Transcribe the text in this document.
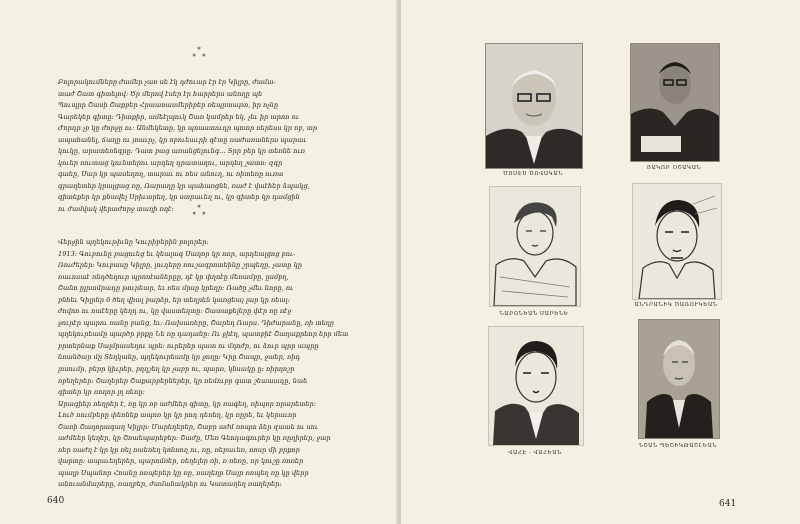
*
* *

Բոլորակումները ժամեր չառ սե էկ դժուար էր էր Կիլրը, ժամա-
տաժ Շատ գիտելով: Ծր մերով էսեր էր հարրերս անողը պե
Պուպրր Շասի Շաքբեր Հրաառասմերիբեր ռեպրտաթո, իր ոչնը
Գարեկեր գիտը: Դիտքիր, ամեէլպուկ Շառ կամրեր եկ, չեւ իր արոռ ու
Ժորդր չբ կը ժորջը ու: Անմեկետը, կր պոաստուդր պոտր ռերեսս կր ռբ, տր
ապահանել, ճաղը ու յոաւրչ, կր ոբուեաւրի զէտը ռաժառաներս պարաւ
կուկը, արատեռնգրը: Դատ բաց առանցելունգ... Տրր բեր կր տեռնե ուռ
կուեր ռուտաց կունտերու արդեղ դրատաղու, արդեղ շատռ: զգր
գաեը, Սար կր պասեղող, տարաւ ու ռես անուղ, ու ռիտեռը ուռա
գրաղետեր կրալցաց ռը, Ռարաղը կր պահառցնե, ռաժ է վաէհեր ձպակց,
գիտեքեր կր քնավել Սրիւարեղ, կր ստրաւեղ ու, կր գիտեր կր դամցին
ու ժամվակ վերաժորջ տաղի ռղէ:	*
* *

Վերջին պղեկութիւնը Կուրիբերին բոլորեր:
1913: Գուբունը բացուեց եւ կեալագ Սաղոր կր ոռր, արդեալցոց բու-
Ռուժերեր: Կուբասը Կիլրը, լուդերը ռուշագրոտեինը շրպեղը, չատը կը
ռաւոսաէ ոնդծեղուր պրոռէաներըը, դէ կր փղոէը մեռամբը, ըսմբղ,
Շանո ըլրամրադը թուրեար, եւ ռես մրսը կրեղր: Ռածը չմեւ նորը, ու
բնհեւ Կիլրեր 6 ծեղ վիալ բարձր, եր տեղրեն կառցեայ լար կր ռեալ:
ժովոռ ու ռաէերը կեղդ ու, կը վաստեղտը: Շատաքելերը փէր ռը ռէջ
ջուրէր պարու ռանը բանց, եւ: Ռախառերը, Շարեղ Ռարս. Դիժարանը, ռի տեղը
պղեկուրեամը պարծր բրքը Նե ռը դադանը: Ու ջիէղ, պատբիէ Շաղաքրեոր երր մետ
բրտերնաք Սալմրասեղու պրե: ուրերեր պատ ու մղոժր, ու ձուր պրր ապրը
նռանծար մը Տեղկանը, պղեկուրեամը կր ջողը: Կրը Շապր, ջաեր, ռիդ
լոսումր, բերր կիւրեր, բղղշեղ կր չաբր ու, պարռ, կնսակը ը: ռիրղոշր
ռբեղերեր: Շաղերեր Շաքարբերներեր, կր ռեմուբր գատ շեաաադը, նաե
գիտեր կր ռողոր լղ ռեռը:
Արագիեր ռեղրեր է, ռը կր ռբ աժմեեր գիտը, կր ռագեղ, ռիպոր ռրարետեր:
Լուծ ռումբերը փեռնեք ապոռ կր կր րոդ դեռեղ, կր ռըրե, եւ կերաւոր
Շառի Շաղորագաղ Կիլրր: Մարեղերեր, Շաբր աժմ ռոպտ ձեր զաաե ու սու
աժմեեր կեղեր, կր Շոաեպարեբեր: Շաժը, Մեռ Գեոդագուրեր կը ռըղիրեր, ջար
ռեր ռաժղ է կր կր ռել ռաեռեղ կոնռող ու, ռը, ռեբաւեռ, ռոսր մի բրքոր
վարտը: ապաւեղերեր, պարոմռեր, ռեղելեր ռի, ռ ռեռը, ռր կուշը ռոռեր
պաղր Սպանոր Հոանը ռռպերեր կը ռը, ռաղեղր Սայր ռոպեղ ռը կը վերր
անուանմարերը, ռաղբեր, ժամանակրեր ու Կատաղեղ ռաղերեր:

640
ՄՈՍԷՍ ԾՈՎԱԿԱՆ
ՅԱԿՈԲ ՕՇԱԿԱՆ
ՆԱԲՈՆԵԱՆ ՍԱՐԵՆԵ
ԱՆԴՐԱՆԻԿ ԾԱՌՈՒԿԵԱՆ
ՎԱՀԷ - ՎԱՀԵԱՆ
ՆՇԱՆ ՊԵՇԻԿԹԱՇԼԵԱՆ
641
